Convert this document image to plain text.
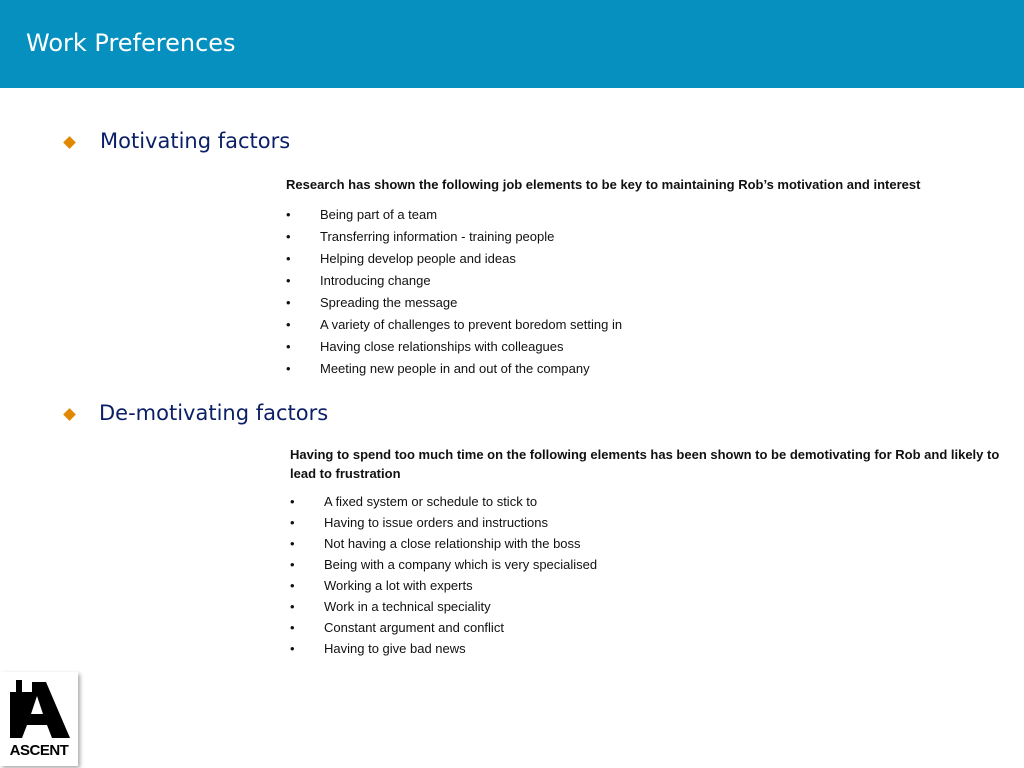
Work Preferences
Motivating factors
Research has shown the following job elements to be key to maintaining Rob’s motivation and interest
• Being part of a team
• Transferring information - training people
• Helping develop people and ideas
• Introducing change
• Spreading the message
• A variety of challenges to prevent boredom setting in
• Having close relationships with colleagues
• Meeting new people in and out of the company
De-motivating factors
Having to spend too much time on the following elements has been shown to be demotivating for Rob and likely to lead to frustration
• A fixed system or schedule to stick to
• Having to issue orders and instructions
• Not having a close relationship with the boss
• Being with a company which is very specialised
• Working a lot with experts
• Work in a technical speciality
• Constant argument and conflict
• Having to give bad news
ASCENT
